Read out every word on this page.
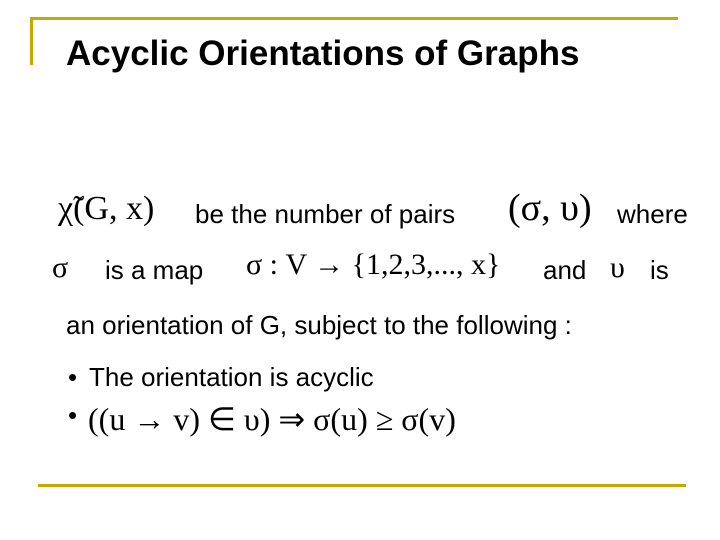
Acyclic Orientations of Graphs
χ̃(G, x) be the number of pairs (σ, υ) where
σ is a map σ : V → {1,2,3,..., x} and υ is
an orientation of G, subject to the following :
• The orientation is acyclic
• ((u → v) ∈ υ) ⇒ σ(u) ≥ σ(v)
